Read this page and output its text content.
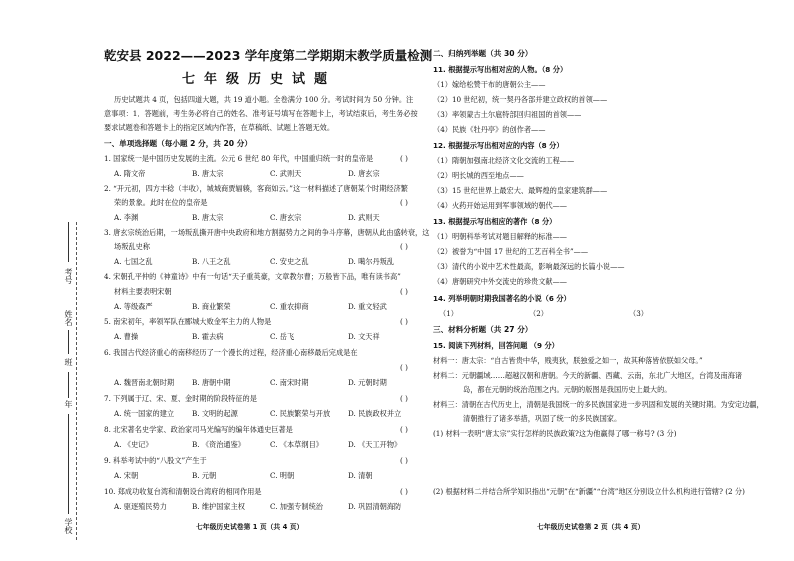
考号
姓名
班
年
学校
乾安县 2022——2023 学年度第二学期期末教学质量检测
七年级历史试题
历史试题共 4 页，包括四道大题，共 19 道小题。全卷满分 100 分。考试时间为 50 分钟。注
意事项：1．答题前，考生务必将自己的姓名、准考证号填写在答题卡上，考试结束后，考生务必按
要求试题卷和答题卡上的指定区域内作答，在草稿纸、试题上答题无效。
一、单项选择题（每小题 2 分，共 20 分）
1. 国家统一是中国历史发展的主流。公元 6 世纪 80 年代，中国重归统一时的皇帝是	( )
A. 隋文帝	B. 唐太宗	C. 武则天	D. 唐玄宗
2. “开元初，四方丰稔（丰收），城城商贾辐辏，客商如云。”这一材料描述了唐朝某个时期经济繁
荣的景象。此时在位的皇帝是	( )
A. 李渊	B. 唐太宗	C. 唐玄宗	D. 武则天
3. 唐玄宗统治后期，一场叛乱撕开唐中央政府和地方割据势力之间的争斗序幕，唐朝从此由盛转衰，这
场叛乱史称	( )
A. 七国之乱	B. 八王之乱	C. 安史之乱	D. 噶尔丹叛乱
4. 宋朝孔平仲的《神童诗》中有一句话“天子重英豪，文章教尔曹；万般皆下品，唯有读书高”
材料主要表明宋朝	( )
A. 等级森严	B. 商业繁荣	C. 重农抑商	D. 重文轻武
5. 南宋初年，率领军队在郾城大败金军主力的人物是	( )
A. 曹操	B. 霍去病	C. 岳飞	D. 文天祥
6. 我国古代经济重心的南移经历了一个漫长的过程，经济重心南移最后完成是在
( )
A. 魏晋南北朝时期	B. 唐朝中期	C. 南宋时期	D. 元朝时期
7. 下列属于辽、宋、夏、金时期的阶段特征的是	( )
A. 统一国家的建立	B. 文明的起源	C. 民族繁荣与开放	D. 民族政权并立
8. 北宋著名史学家、政治家司马光编写的编年体通史巨著是	( )
A. 《史记》	B. 《资治通鉴》	C. 《本草纲目》	D. 《天工开物》
9. 科举考试中的“八股文”产生于	( )
A. 宋朝	B. 元朝	C. 明朝	D. 清朝
10. 郑成功收复台湾和清朝设台湾府的相同作用是	( )
A. 驱逐殖民势力	B. 维护国家主权	C. 加强专制统治	D. 巩固清朝海防
七年级历史试卷第 1 页（共 4 页）
二、归纳列举题（共 30 分）
11. 根据提示写出相对应的人物。（8 分）
（1）嫁给松赞干布的唐朝公主——
（2）10 世纪初，统一契丹各部并建立政权的首领——
（3）率领蒙古土尔扈特部回归祖国的首领——
（4）民族《牡丹亭》的创作者——
12. 根据提示写出相对应的内容（8 分）
（1）隋朝加强南北经济文化交流的工程——
（2）明长城的西至地点——
（3）15 世纪世界上最宏大、最辉煌的皇家建筑群——
（4）火药开始运用到军事领域的朝代——
13. 根据提示写出相应的著作（8 分）
（1）明朝科举考试对题目解释的标准——
（2）被誉为“中国 17 世纪的工艺百科全书”——
（3）清代的小说中艺术性最高，影响最深远的长篇小说——
（4）唐朝研究中外交流史的珍贵文献——
14. 列举明朝时期我国著名的小说（6 分）
（1）	（2）	（3）
三、材料分析题（共 27 分）
15. 阅读下列材料，回答问题 （9 分）
材料一：唐太宗：“自古皆贵中华，贱夷狄，朕独爱之如一，故其种落皆依朕如父母。”
材料二：元朝疆域……超越汉朝和唐朝。今天的新疆、西藏、云南，东北广大地区，台湾及南海诸
岛，都在元朝的统治范围之内。元朝的版图是我国历史上最大的。
材料三：清朝在古代历史上，清朝是我国统一的多民族国家进一步巩固和发展的关键时期。为安定边疆，
清朝推行了诸多举措，巩固了统一的多民族国家。
(1) 材料一表明“唐太宗”实行怎样的民族政策?这为他赢得了哪一称号? (3 分)
(2) 根据材料二并结合所学知识指出“元朝”在“新疆”“台湾”地区分别设立什么机构进行管辖? (2 分)
七年级历史试卷第 2 页（共 4 页）
